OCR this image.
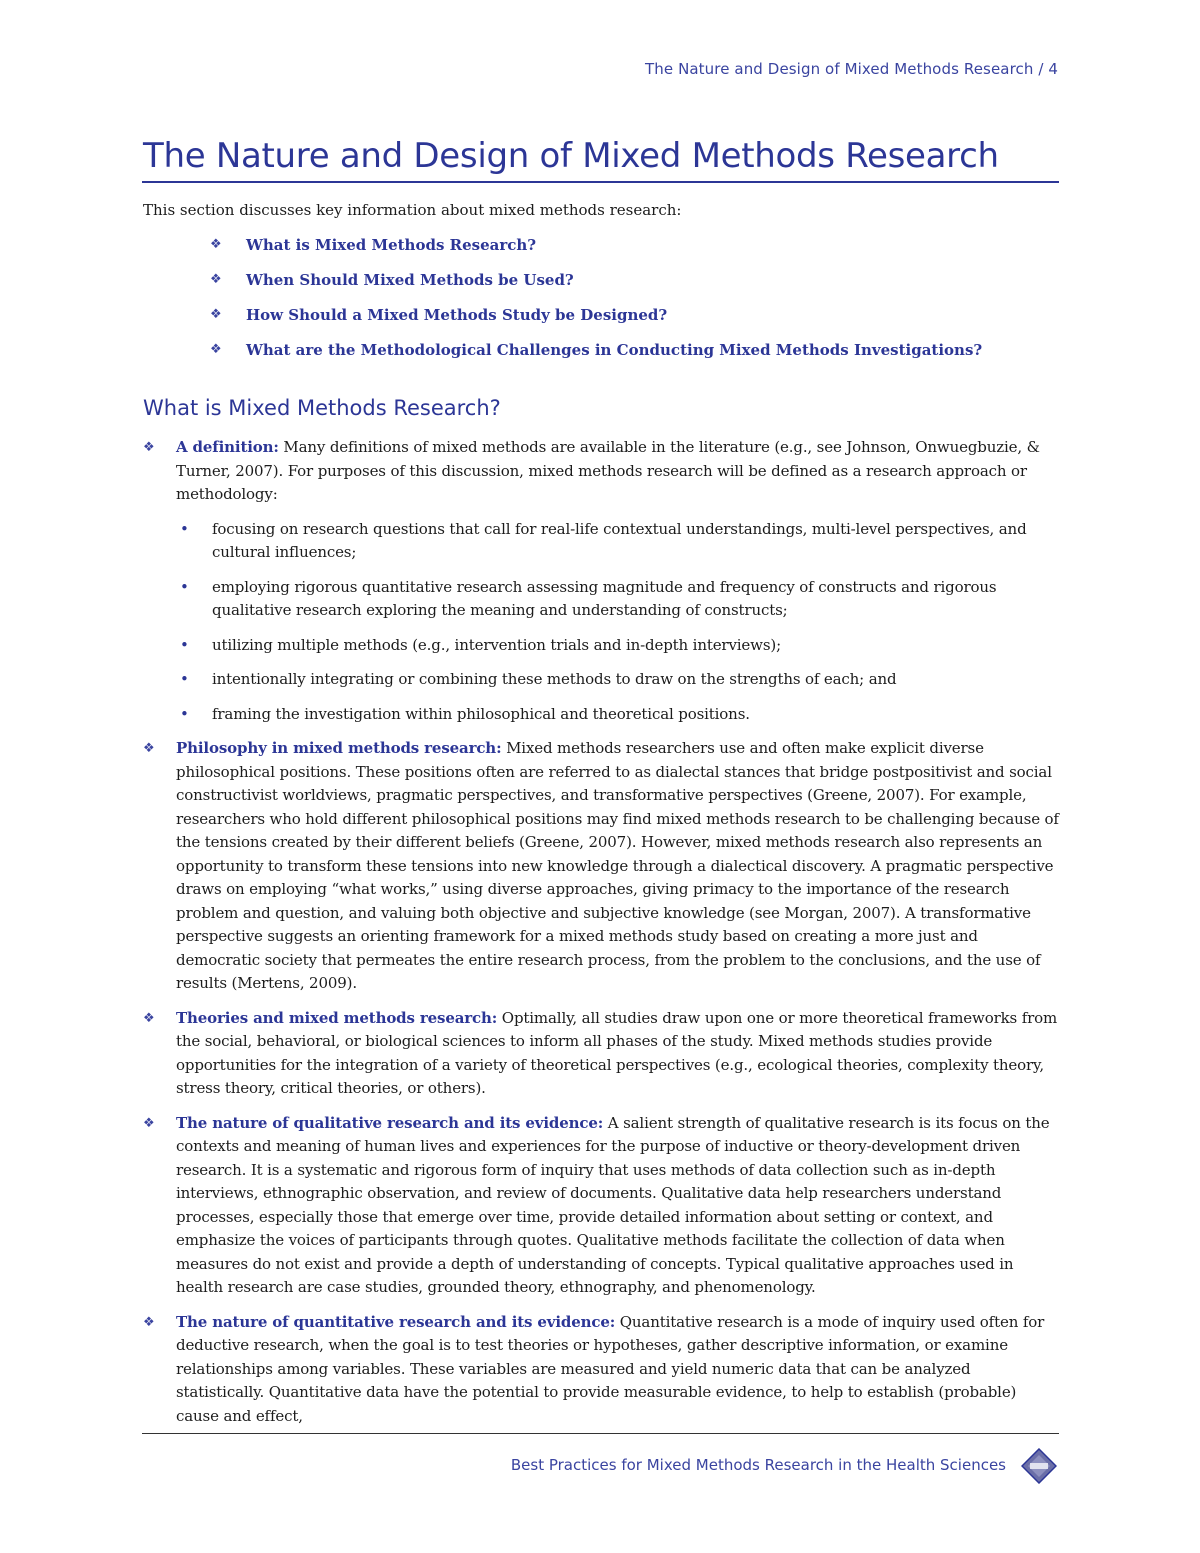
The Nature and Design of Mixed Methods Research / 4
The Nature and Design of Mixed Methods Research
This section discusses key information about mixed methods research:
❖	What is Mixed Methods Research?
❖	When Should Mixed Methods be Used?
❖	How Should a Mixed Methods Study be Designed?
❖	What are the Methodological Challenges in Conducting Mixed Methods Investigations?
What is Mixed Methods Research?
❖ A definition: Many definitions of mixed methods are available in the literature (e.g., see Johnson, Onwuegbuzie, & Turner, 2007). For purposes of this discussion, mixed methods research will be defined as a research approach or methodology:
• focusing on research questions that call for real-life contextual understandings, multi-level perspectives, and cultural influences;
• employing rigorous quantitative research assessing magnitude and frequency of constructs and rigorous qualitative research exploring the meaning and understanding of constructs;
• utilizing multiple methods (e.g., intervention trials and in-depth interviews);
• intentionally integrating or combining these methods to draw on the strengths of each; and
• framing the investigation within philosophical and theoretical positions.
❖ Philosophy in mixed methods research: Mixed methods researchers use and often make explicit diverse philosophical positions. These positions often are referred to as dialectal stances that bridge postpositivist and social constructivist worldviews, pragmatic perspectives, and transformative perspectives (Greene, 2007). For example, researchers who hold different philosophical positions may find mixed methods research to be challenging because of the tensions created by their different beliefs (Greene, 2007). However, mixed methods research also represents an opportunity to transform these tensions into new knowledge through a dialectical discovery. A pragmatic perspective draws on employing “what works,” using diverse approaches, giving primacy to the importance of the research problem and question, and valuing both objective and subjective knowledge (see Morgan, 2007). A transformative perspective suggests an orienting framework for a mixed methods study based on creating a more just and democratic society that permeates the entire research process, from the problem to the conclusions, and the use of results (Mertens, 2009).
❖ Theories and mixed methods research: Optimally, all studies draw upon one or more theoretical frameworks from the social, behavioral, or biological sciences to inform all phases of the study. Mixed methods studies provide opportunities for the integration of a variety of theoretical perspectives (e.g., ecological theories, complexity theory, stress theory, critical theories, or others).
❖ The nature of qualitative research and its evidence: A salient strength of qualitative research is its focus on the contexts and meaning of human lives and experiences for the purpose of inductive or theory-development driven research. It is a systematic and rigorous form of inquiry that uses methods of data collection such as in-depth interviews, ethnographic observation, and review of documents. Qualitative data help researchers understand processes, especially those that emerge over time, provide detailed information about setting or context, and emphasize the voices of participants through quotes. Qualitative methods facilitate the collection of data when measures do not exist and provide a depth of understanding of concepts. Typical qualitative approaches used in health research are case studies, grounded theory, ethnography, and phenomenology.
❖ The nature of quantitative research and its evidence: Quantitative research is a mode of inquiry used often for deductive research, when the goal is to test theories or hypotheses, gather descriptive information, or examine relationships among variables. These variables are measured and yield numeric data that can be analyzed statistically. Quantitative data have the potential to provide measurable evidence, to help to establish (probable) cause and effect,
Best Practices for Mixed Methods Research in the Health Sciences
